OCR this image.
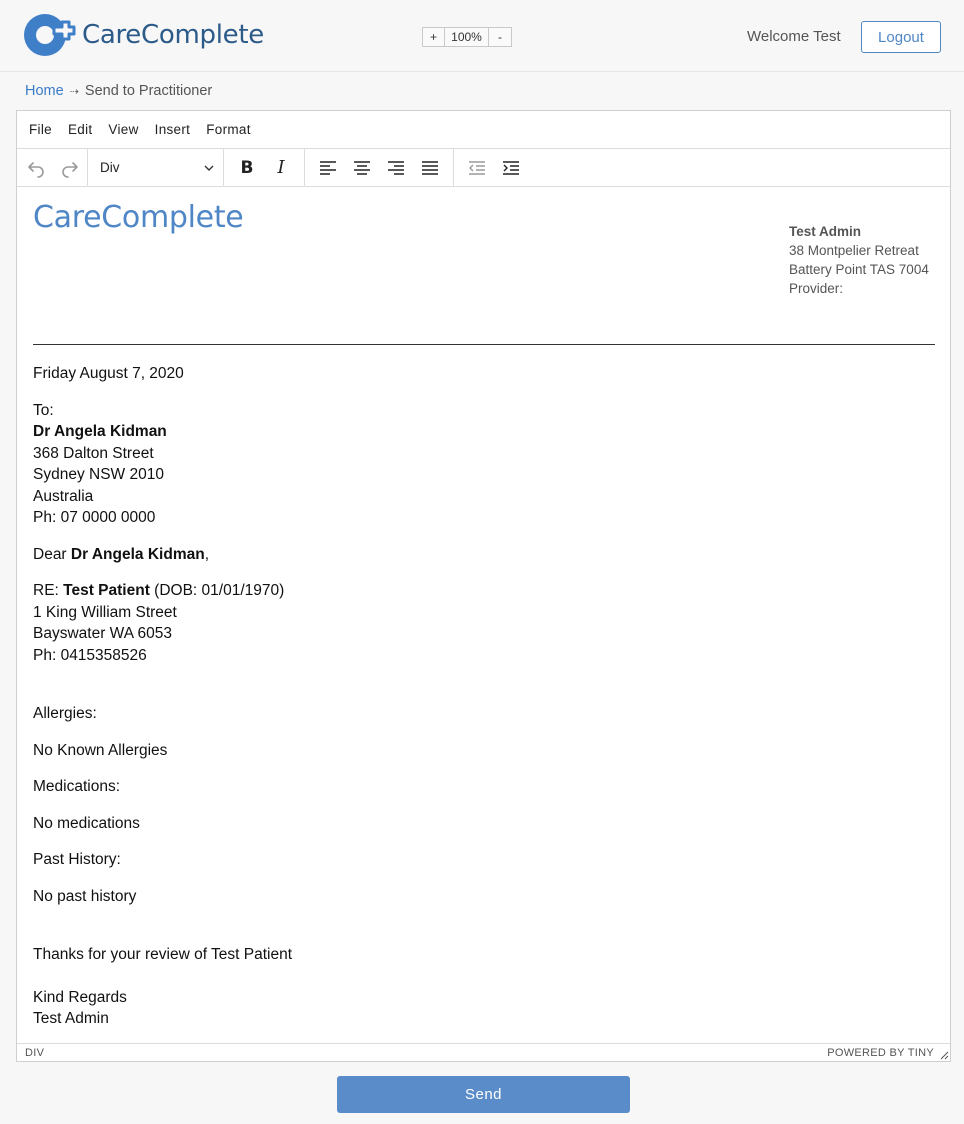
CareComplete	+	100%	-	Welcome Test	Logout
Home ⇢ Send to Practitioner
File Edit View Insert Format
Div	B	I
CareComplete	Test Admin
38 Montpelier Retreat
Battery Point TAS 7004
Provider:

Friday August 7, 2020

To:
Dr Angela Kidman
368 Dalton Street
Sydney NSW 2010
Australia
Ph: 07 0000 0000

Dear Dr Angela Kidman,

RE: Test Patient (DOB: 01/01/1970)
1 King William Street
Bayswater WA 6053
Ph: 0415358526

Allergies:

No Known Allergies

Medications:

No medications

Past History:

No past history

Thanks for your review of Test Patient

Kind Regards
Test Admin

DIV	POWERED BY TINY
Send
